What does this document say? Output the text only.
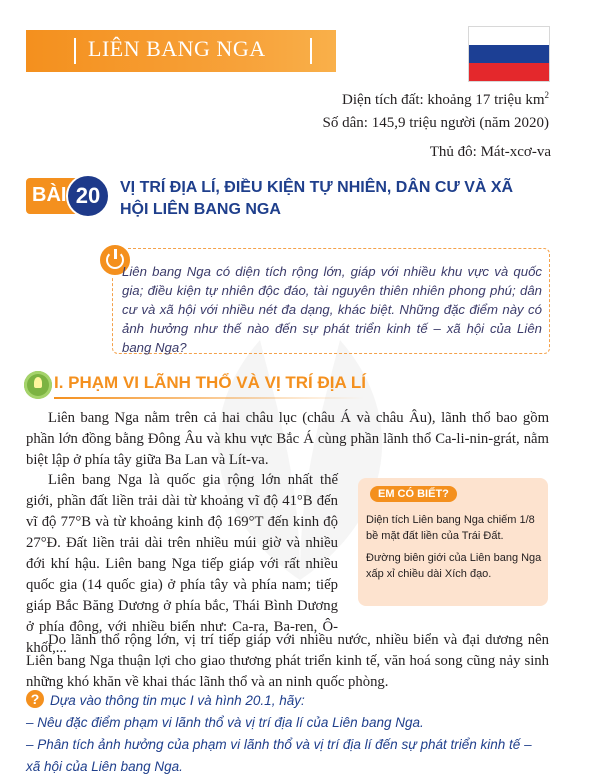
LIÊN BANG NGA
Diện tích đất: khoảng 17 triệu $km^2$
Số dân: 145,9 triệu người (năm 2020)
Thủ đô: Mát-xcơ-va
BÀI 20	VỊ TRÍ ĐỊA LÍ, ĐIỀU KIỆN TỰ NHIÊN, DÂN CƯ VÀ XÃ HỘI LIÊN BANG NGA
Liên bang Nga có diện tích rộng lớn, giáp với nhiều khu vực và quốc gia; điều kiện tự nhiên độc đáo, tài nguyên thiên nhiên phong phú; dân cư và xã hội với nhiều nét đa dạng, khác biệt. Những đặc điểm này có ảnh hưởng như thế nào đến sự phát triển kinh tế – xã hội của Liên bang Nga?
I. PHẠM VI LÃNH THỔ VÀ VỊ TRÍ ĐỊA LÍ
Liên bang Nga nằm trên cả hai châu lục (châu Á và châu Âu), lãnh thổ bao gồm phần lớn đồng bằng Đông Âu và khu vực Bắc Á cùng phần lãnh thổ Ca-li-nin-grát, nằm biệt lập ở phía tây giữa Ba Lan và Lít-va.
Liên bang Nga là quốc gia rộng lớn nhất thế giới, phần đất liền trải dài từ khoảng vĩ độ 41°B đến vĩ độ 77°B và từ khoảng kinh độ 169°T đến kinh độ 27°Đ. Đất liền trải dài trên nhiều múi giờ và nhiều đới khí hậu. Liên bang Nga tiếp giáp với rất nhiều quốc gia (14 quốc gia) ở phía tây và phía nam; tiếp giáp Bắc Băng Dương ở phía bắc, Thái Bình Dương ở phía đông, với nhiều biển như: Ca-ra, Ba-ren, Ô-khốt,...
EM CÓ BIẾT?

Diện tích Liên bang Nga chiếm 1/8 bề mặt đất liền của Trái Đất.

Đường biên giới của Liên bang Nga xấp xỉ chiều dài Xích đạo.

Do lãnh thổ rộng lớn, vị trí tiếp giáp với nhiều nước, nhiều biển và đại dương nên Liên bang Nga thuận lợi cho giao thương phát triển kinh tế, văn hoá song cũng nảy sinh những khó khăn về khai thác lãnh thổ và an ninh quốc phòng.
? Dựa vào thông tin mục I và hình 20.1, hãy:
– Nêu đặc điểm phạm vi lãnh thổ và vị trí địa lí của Liên bang Nga.
– Phân tích ảnh hưởng của phạm vi lãnh thổ và vị trí địa lí đến sự phát triển kinh tế – xã hội của Liên bang Nga.
